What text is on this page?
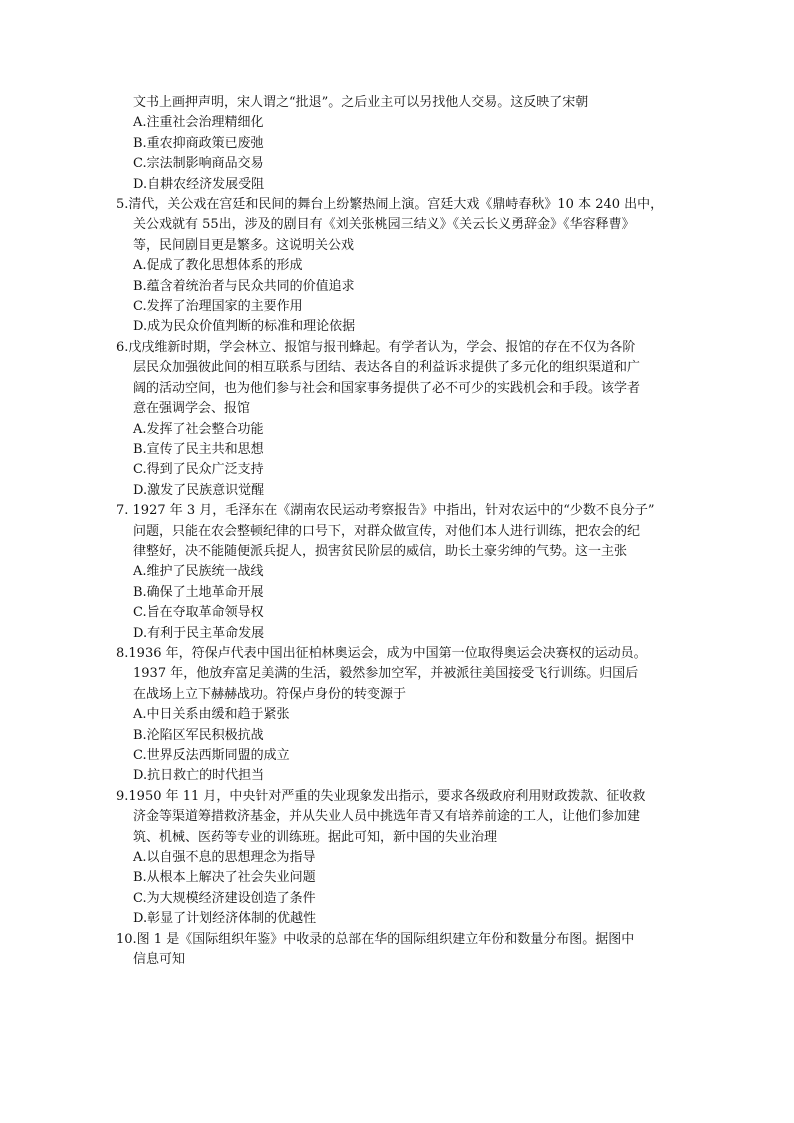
文书上画押声明，宋人谓之“批退”。之后业主可以另找他人交易。这反映了宋朝
A.注重社会治理精细化
B.重农抑商政策已废弛
C.宗法制影响商品交易
D.自耕农经济发展受阻
5.清代，关公戏在宫廷和民间的舞台上纷繁热闹上演。宫廷大戏《鼎峙春秋》10 本 240 出中，
关公戏就有 55出，涉及的剧目有《刘关张桃园三结义》《关云长义勇辞金》《华容释曹》
等，民间剧目更是繁多。这说明关公戏
A.促成了教化思想体系的形成
B.蕴含着统治者与民众共同的价值追求
C.发挥了治理国家的主要作用
D.成为民众价值判断的标准和理论依据
6.戊戌维新时期，学会林立、报馆与报刊蜂起。有学者认为，学会、报馆的存在不仅为各阶
层民众加强彼此间的相互联系与团结、表达各自的利益诉求提供了多元化的组织渠道和广
阔的活动空间，也为他们参与社会和国家事务提供了必不可少的实践机会和手段。该学者
意在强调学会、报馆
A.发挥了社会整合功能
B.宣传了民主共和思想
C.得到了民众广泛支持
D.激发了民族意识觉醒
7. 1927 年 3 月，毛泽东在《湖南农民运动考察报告》中指出，针对农运中的“少数不良分子”
问题，只能在农会整顿纪律的口号下，对群众做宣传，对他们本人进行训练，把农会的纪
律整好，决不能随便派兵捉人，损害贫民阶层的威信，助长土豪劣绅的气势。这一主张
A.维护了民族统一战线
B.确保了土地革命开展
C.旨在夺取革命领导权
D.有利于民主革命发展
8.1936 年，符保卢代表中国出征柏林奥运会，成为中国第一位取得奥运会决赛权的运动员。
1937 年，他放弃富足美满的生活，毅然参加空军，并被派往美国接受飞行训练。归国后
在战场上立下赫赫战功。符保卢身份的转变源于
A.中日关系由缓和趋于紧张
B.沦陷区军民积极抗战
C.世界反法西斯同盟的成立
D.抗日救亡的时代担当
9.1950 年 11 月，中央针对严重的失业现象发出指示，要求各级政府利用财政拨款、征收救
济金等渠道筹措救济基金，并从失业人员中挑选年青又有培养前途的工人，让他们参加建
筑、机械、医药等专业的训练班。据此可知，新中国的失业治理
A.以自强不息的思想理念为指导
B.从根本上解决了社会失业问题
C.为大规模经济建设创造了条件
D.彰显了计划经济体制的优越性
10.图 1 是《国际组织年鉴》中收录的总部在华的国际组织建立年份和数量分布图。据图中
信息可知
